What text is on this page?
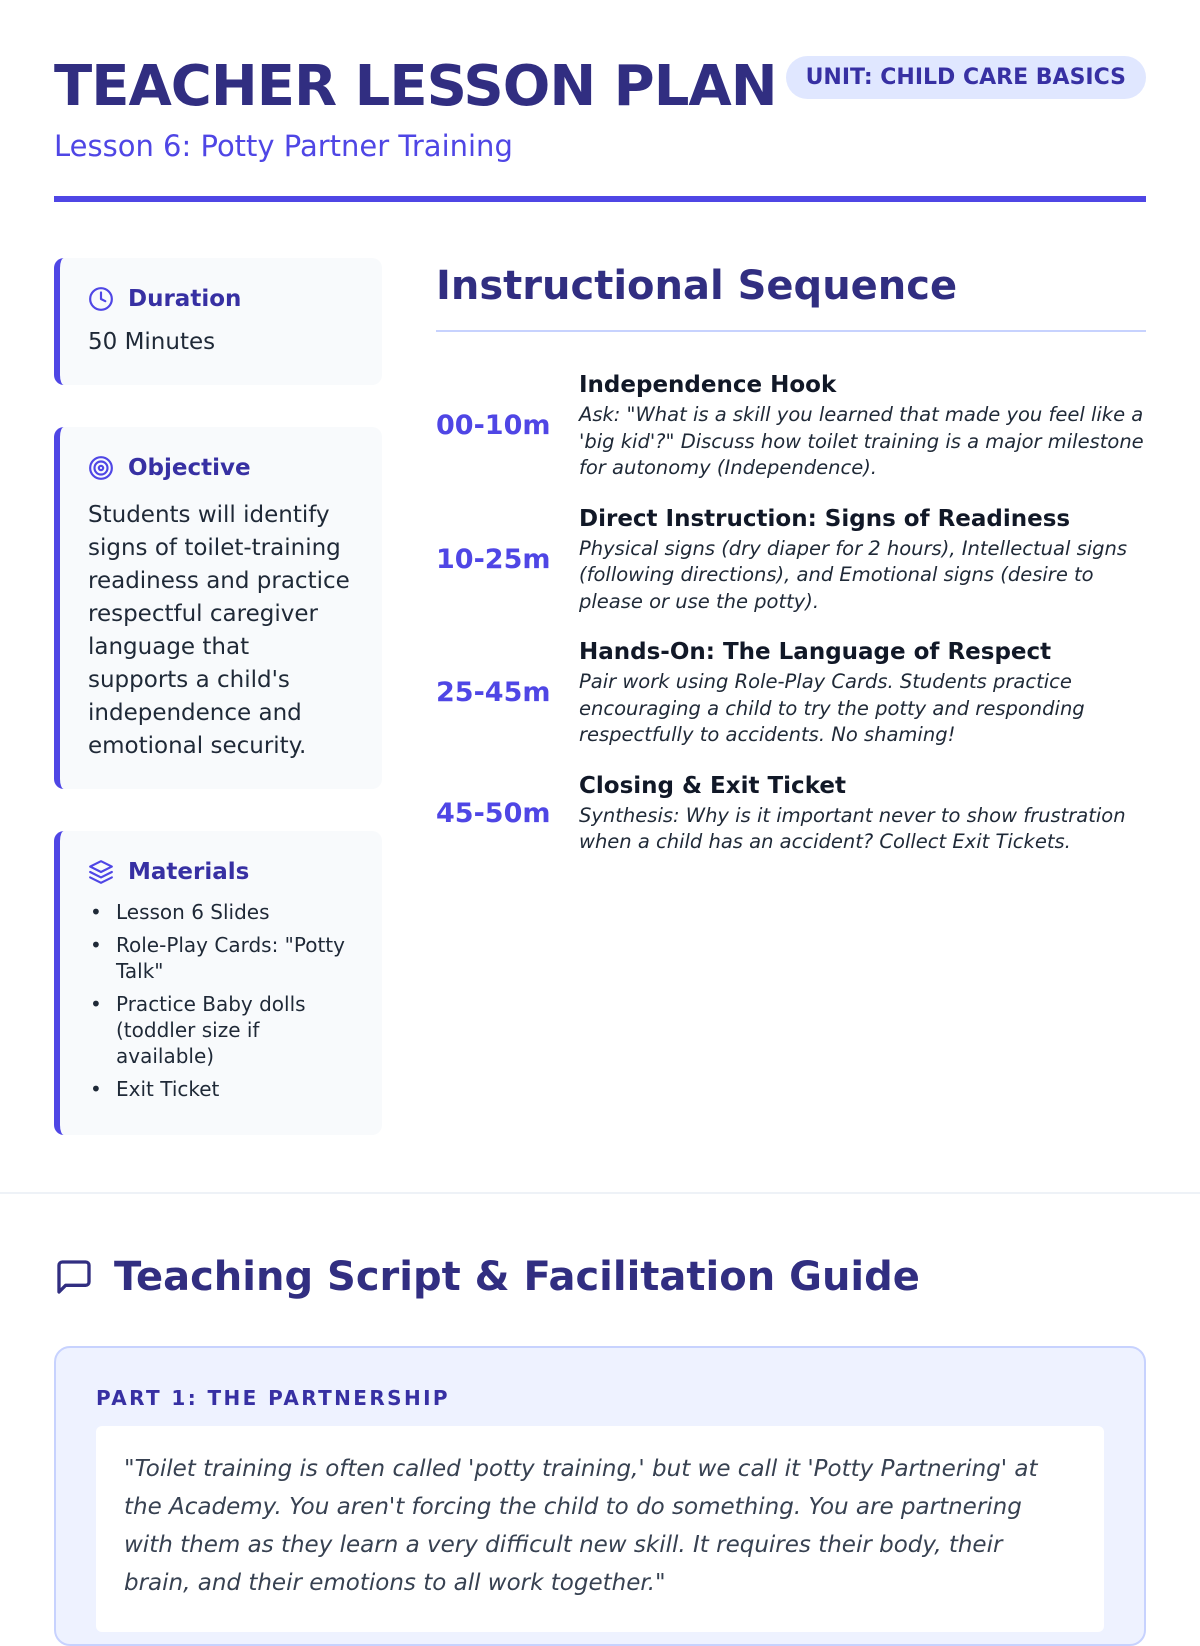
TEACHER LESSON PLAN
Lesson 6: Potty Partner Training
UNIT: CHILD CARE BASICS
Duration
50 Minutes
Objective
Students will identify signs of toilet-training readiness and practice respectful caregiver language that supports a child's independence and emotional security.
Materials
• Lesson 6 Slides
• Role-Play Cards: "Potty Talk"
• Practice Baby dolls (toddler size if available)
• Exit Ticket
Instructional Sequence
00-10m
Independence Hook
Ask: "What is a skill you learned that made you feel like a 'big kid'?" Discuss how toilet training is a major milestone for autonomy (Independence).
10-25m
Direct Instruction: Signs of Readiness
Physical signs (dry diaper for 2 hours), Intellectual signs (following directions), and Emotional signs (desire to please or use the potty).
25-45m
Hands-On: The Language of Respect
Pair work using Role-Play Cards. Students practice encouraging a child to try the potty and responding respectfully to accidents. No shaming!
45-50m
Closing & Exit Ticket
Synthesis: Why is it important never to show frustration when a child has an accident? Collect Exit Tickets.
Teaching Script & Facilitation Guide
PART 1: THE PARTNERSHIP
"Toilet training is often called 'potty training,' but we call it 'Potty Partnering' at the Academy. You aren't forcing the child to do something. You are partnering with them as they learn a very difficult new skill. It requires their body, their brain, and their emotions to all work together."
